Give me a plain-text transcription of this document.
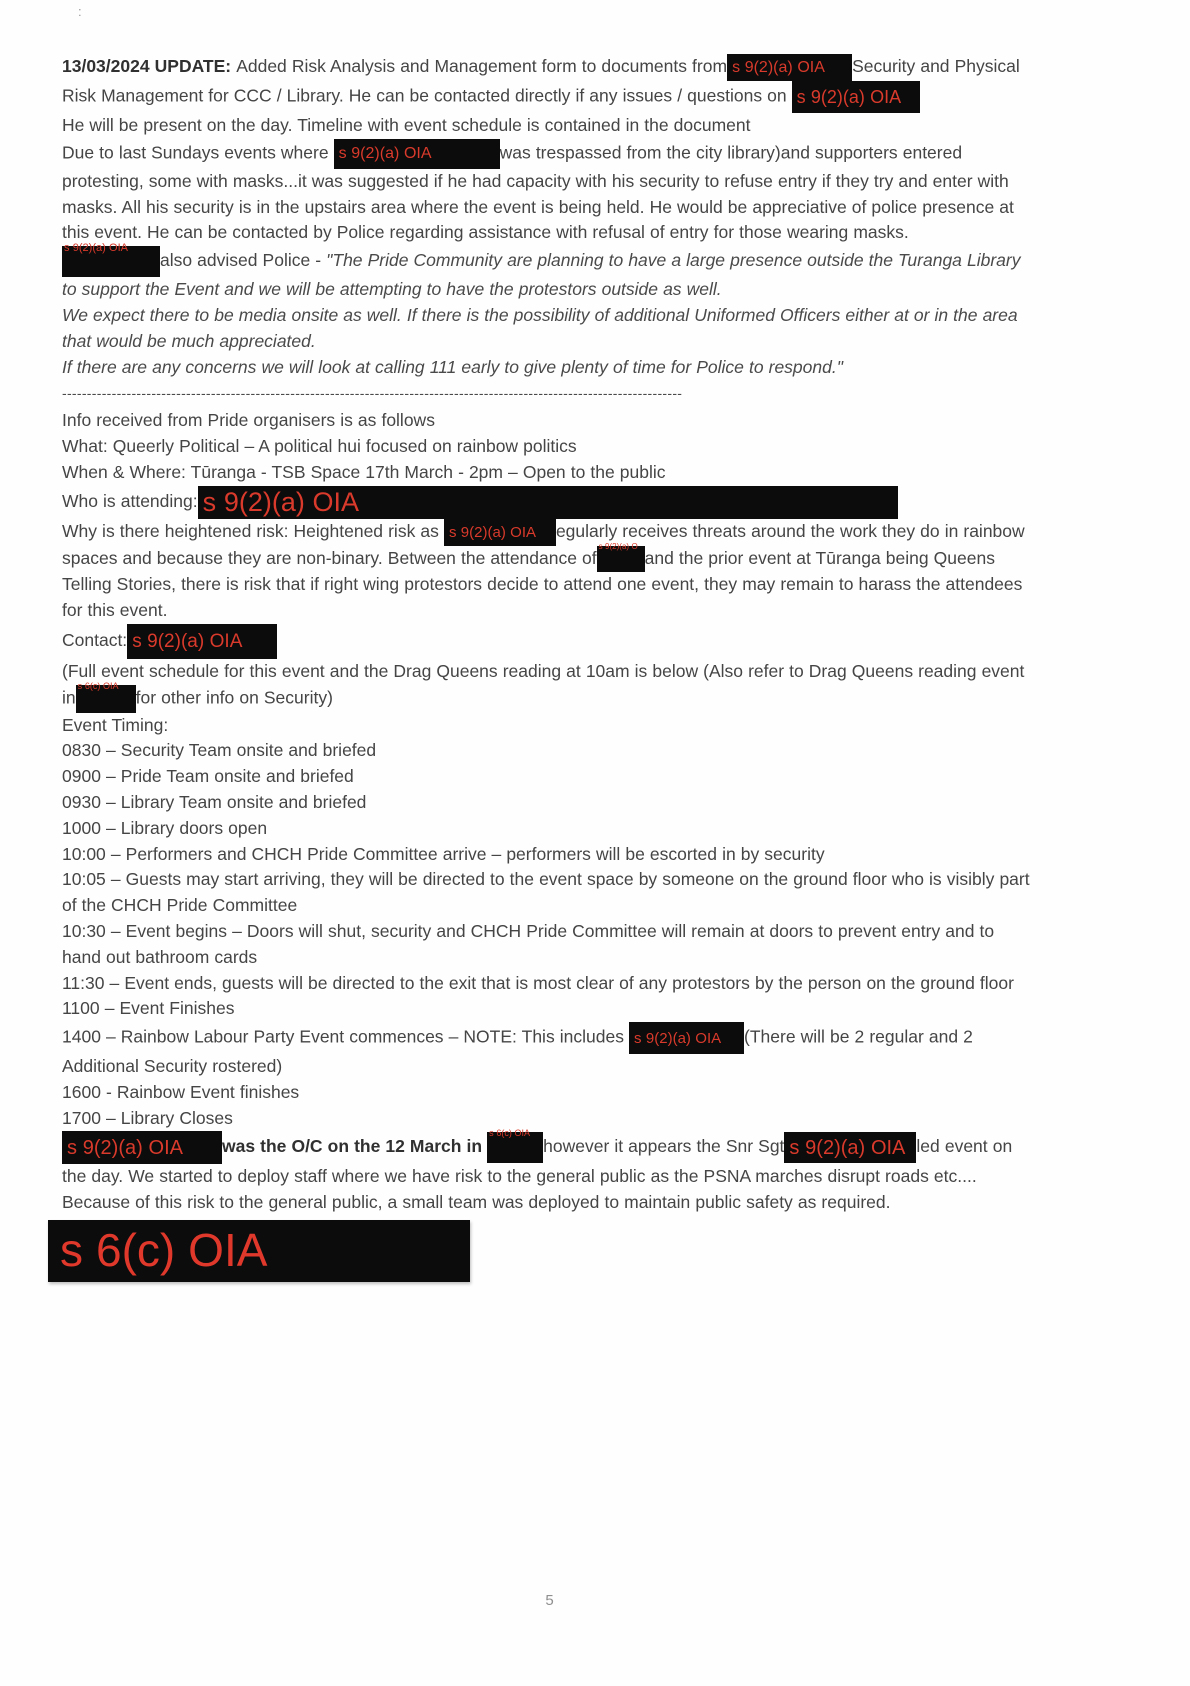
:

13/03/2024 UPDATE: Added Risk Analysis and Management form to documents from s 9(2)(a) OIA Security and Physical Risk Management for CCC / Library. He can be contacted directly if any issues / questions on s 9(2)(a) OIA

He will be present on the day. Timeline with event schedule is contained in the document

Due to last Sundays events where s 9(2)(a) OIA	was trespassed from the city library)and supporters entered protesting, some with masks...it was suggested if he had capacity with his security to refuse entry if they try and enter with masks. All his security is in the upstairs area where the event is being held. He would be appreciative of police presence at this event. He can be contacted by Police regarding assistance with refusal of entry for those wearing masks.

s 9(2)(a) OIA
also advised Police - "The Pride Community are planning to have a large presence outside the Turanga Library to support the Event and we will be attempting to have the protestors outside as well.
We expect there to be media onsite as well. If there is the possibility of additional Uniformed Officers either at or in the area that would be much appreciated.
If there are any concerns we will look at calling 111 early to give plenty of time for Police to respond."

-----------------------------------------------------------------------------------------------------------------------------

Info received from Pride organisers is as follows

What: Queerly Political – A political hui focused on rainbow politics

When & Where: Tūranga - TSB Space 17th March - 2pm – Open to the public

Who is attending: s 9(2)(a) OIA

Why is there heightened risk: Heightened risk as s 9(2)(a) OIA egularly receives threats around the work they do in rainbow spaces and because they are non-binary. Between the attendance of
s 9(2)(a) O
and the prior event at Tūranga being Queens Telling Stories, there is risk that if right wing protestors decide to attend one event, they may remain to harass the attendees for this event.

Contact: s 9(2)(a) OIA

(Full event schedule for this event and the Drag Queens reading at 10am is below (Also refer to Drag Queens reading event in
s 6(c) OIA
for other info on Security)

Event Timing:

0830 – Security Team onsite and briefed

0900 – Pride Team onsite and briefed

0930 – Library Team onsite and briefed

1000 – Library doors open

10:00 – Performers and CHCH Pride Committee arrive – performers will be escorted in by security

10:05 – Guests may start arriving, they will be directed to the event space by someone on the ground floor who is visibly part of the CHCH Pride Committee

10:30 – Event begins – Doors will shut, security and CHCH Pride Committee will remain at doors to prevent entry and to hand out bathroom cards

11:30 – Event ends, guests will be directed to the exit that is most clear of any protestors by the person on the ground floor

1100 – Event Finishes

1400 – Rainbow Labour Party Event commences – NOTE: This includes s 9(2)(a) OIA (There will be 2 regular and 2 Additional Security rostered)

1600 - Rainbow Event finishes

1700 – Library Closes

s 9(2)(a) OIA was the O/C on the 12 March in
s 6(c) OIA
however it appears the Snr Sgt s 9(2)(a) OIA led event on the day. We started to deploy staff where we have risk to the general public as the PSNA marches disrupt roads etc.... Because of this risk to the general public, a small team was deployed to maintain public safety as required.

s 6(c) OIA
5
